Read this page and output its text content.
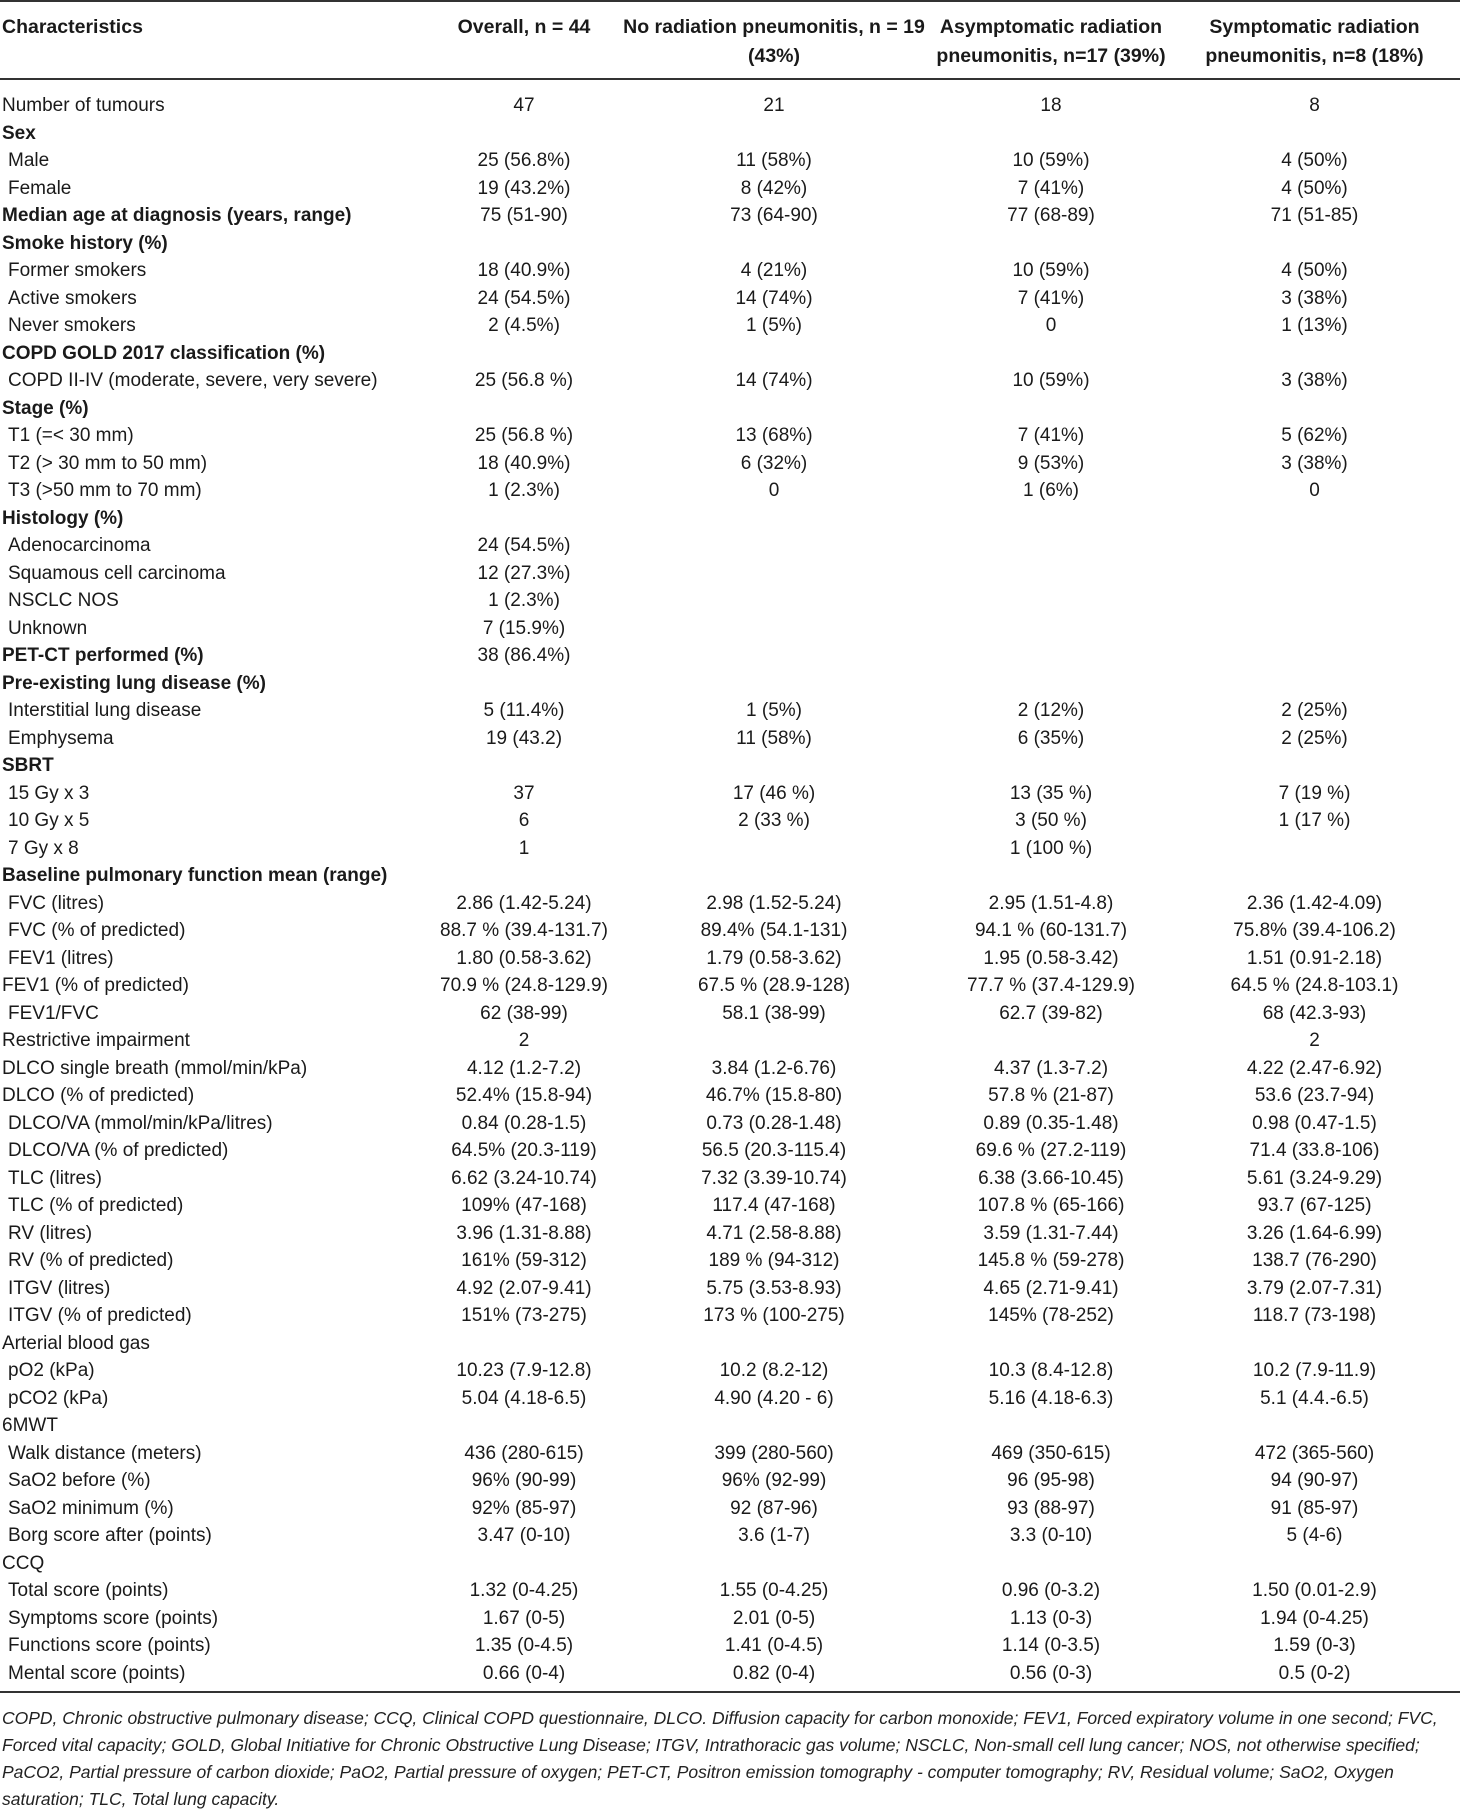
Characteristics	Overall, n = 44	No radiation pneumonitis, n = 19 (43%)	Asymptomatic radiation pneumonitis, n=17 (39%)	Symptomatic radiation pneumonitis, n=8 (18%)

Number of tumours	47	21	18	8
Sex				
Male	25 (56.8%)	11 (58%)	10 (59%)	4 (50%)
Female	19 (43.2%)	8 (42%)	7 (41%)	4 (50%)
Median age at diagnosis (years, range)	75 (51-90)	73 (64-90)	77 (68-89)	71 (51-85)
Smoke history (%)				
Former smokers	18 (40.9%)	4 (21%)	10 (59%)	4 (50%)
Active smokers	24 (54.5%)	14 (74%)	7 (41%)	3 (38%)
Never smokers	2 (4.5%)	1 (5%)	0	1 (13%)
COPD GOLD 2017 classification (%)				
COPD II-IV (moderate, severe, very severe)	25 (56.8 %)	14 (74%)	10 (59%)	3 (38%)
Stage (%)				
T1 (=< 30 mm)	25 (56.8 %)	13 (68%)	7 (41%)	5 (62%)
T2 (> 30 mm to 50 mm)	18 (40.9%)	6 (32%)	9 (53%)	3 (38%)
T3 (>50 mm to 70 mm)	1 (2.3%)	0	1 (6%)	0
Histology (%)				
Adenocarcinoma	24 (54.5%)			
Squamous cell carcinoma	12 (27.3%)			
NSCLC NOS	1 (2.3%)			
Unknown	7 (15.9%)			
PET-CT performed (%)	38 (86.4%)			
Pre-existing lung disease (%)				
Interstitial lung disease	5 (11.4%)	1 (5%)	2 (12%)	2 (25%)
Emphysema	19 (43.2)	11 (58%)	6 (35%)	2 (25%)
SBRT				
15 Gy x 3	37	17 (46 %)	13 (35 %)	7 (19 %)
10 Gy x 5	6	2 (33 %)	3 (50 %)	1 (17 %)
7 Gy x 8	1		1 (100 %)	
Baseline pulmonary function mean (range)				
FVC (litres)	2.86 (1.42-5.24)	2.98 (1.52-5.24)	2.95 (1.51-4.8)	2.36 (1.42-4.09)
FVC (% of predicted)	88.7 % (39.4-131.7)	89.4% (54.1-131)	94.1 % (60-131.7)	75.8% (39.4-106.2)
FEV1 (litres)	1.80 (0.58-3.62)	1.79 (0.58-3.62)	1.95 (0.58-3.42)	1.51 (0.91-2.18)
FEV1 (% of predicted)	70.9 % (24.8-129.9)	67.5 % (28.9-128)	77.7 % (37.4-129.9)	64.5 % (24.8-103.1)
FEV1/FVC	62 (38-99)	58.1 (38-99)	62.7 (39-82)	68 (42.3-93)
Restrictive impairment	2			2
DLCO single breath (mmol/min/kPa)	4.12 (1.2-7.2)	3.84 (1.2-6.76)	4.37 (1.3-7.2)	4.22 (2.47-6.92)
DLCO (% of predicted)	52.4% (15.8-94)	46.7% (15.8-80)	57.8 % (21-87)	53.6 (23.7-94)
DLCO/VA (mmol/min/kPa/litres)	0.84 (0.28-1.5)	0.73 (0.28-1.48)	0.89 (0.35-1.48)	0.98 (0.47-1.5)
DLCO/VA (% of predicted)	64.5% (20.3-119)	56.5 (20.3-115.4)	69.6 % (27.2-119)	71.4 (33.8-106)
TLC (litres)	6.62 (3.24-10.74)	7.32 (3.39-10.74)	6.38 (3.66-10.45)	5.61 (3.24-9.29)
TLC (% of predicted)	109% (47-168)	117.4 (47-168)	107.8 % (65-166)	93.7 (67-125)
RV (litres)	3.96 (1.31-8.88)	4.71 (2.58-8.88)	3.59 (1.31-7.44)	3.26 (1.64-6.99)
RV (% of predicted)	161% (59-312)	189 % (94-312)	145.8 % (59-278)	138.7 (76-290)
ITGV (litres)	4.92 (2.07-9.41)	5.75 (3.53-8.93)	4.65 (2.71-9.41)	3.79 (2.07-7.31)
ITGV (% of predicted)	151% (73-275)	173 % (100-275)	145% (78-252)	118.7 (73-198)
Arterial blood gas				
pO2 (kPa)	10.23 (7.9-12.8)	10.2 (8.2-12)	10.3 (8.4-12.8)	10.2 (7.9-11.9)
pCO2 (kPa)	5.04 (4.18-6.5)	4.90 (4.20 - 6)	5.16 (4.18-6.3)	5.1 (4.4.-6.5)
6MWT				
Walk distance (meters)	436 (280-615)	399 (280-560)	469 (350-615)	472 (365-560)
SaO2 before (%)	96% (90-99)	96% (92-99)	96 (95-98)	94 (90-97)
SaO2 minimum (%)	92% (85-97)	92 (87-96)	93 (88-97)	91 (85-97)
Borg score after (points)	3.47 (0-10)	3.6 (1-7)	3.3 (0-10)	5 (4-6)
CCQ				
Total score (points)	1.32 (0-4.25)	1.55 (0-4.25)	0.96 (0-3.2)	1.50 (0.01-2.9)
Symptoms score (points)	1.67 (0-5)	2.01 (0-5)	1.13 (0-3)	1.94 (0-4.25)
Functions score (points)	1.35 (0-4.5)	1.41 (0-4.5)	1.14 (0-3.5)	1.59 (0-3)
Mental score (points)	0.66 (0-4)	0.82 (0-4)	0.56 (0-3)	0.5 (0-2)

COPD, Chronic obstructive pulmonary disease; CCQ, Clinical COPD questionnaire, DLCO. Diffusion capacity for carbon monoxide; FEV1, Forced expiratory volume in one second; FVC, Forced vital capacity; GOLD, Global Initiative for Chronic Obstructive Lung Disease; ITGV, Intrathoracic gas volume; NSCLC, Non-small cell lung cancer; NOS, not otherwise specified; PaCO2, Partial pressure of carbon dioxide; PaO2, Partial pressure of oxygen; PET-CT, Positron emission tomography - computer tomography; RV, Residual volume; SaO2, Oxygen saturation; TLC, Total lung capacity.
